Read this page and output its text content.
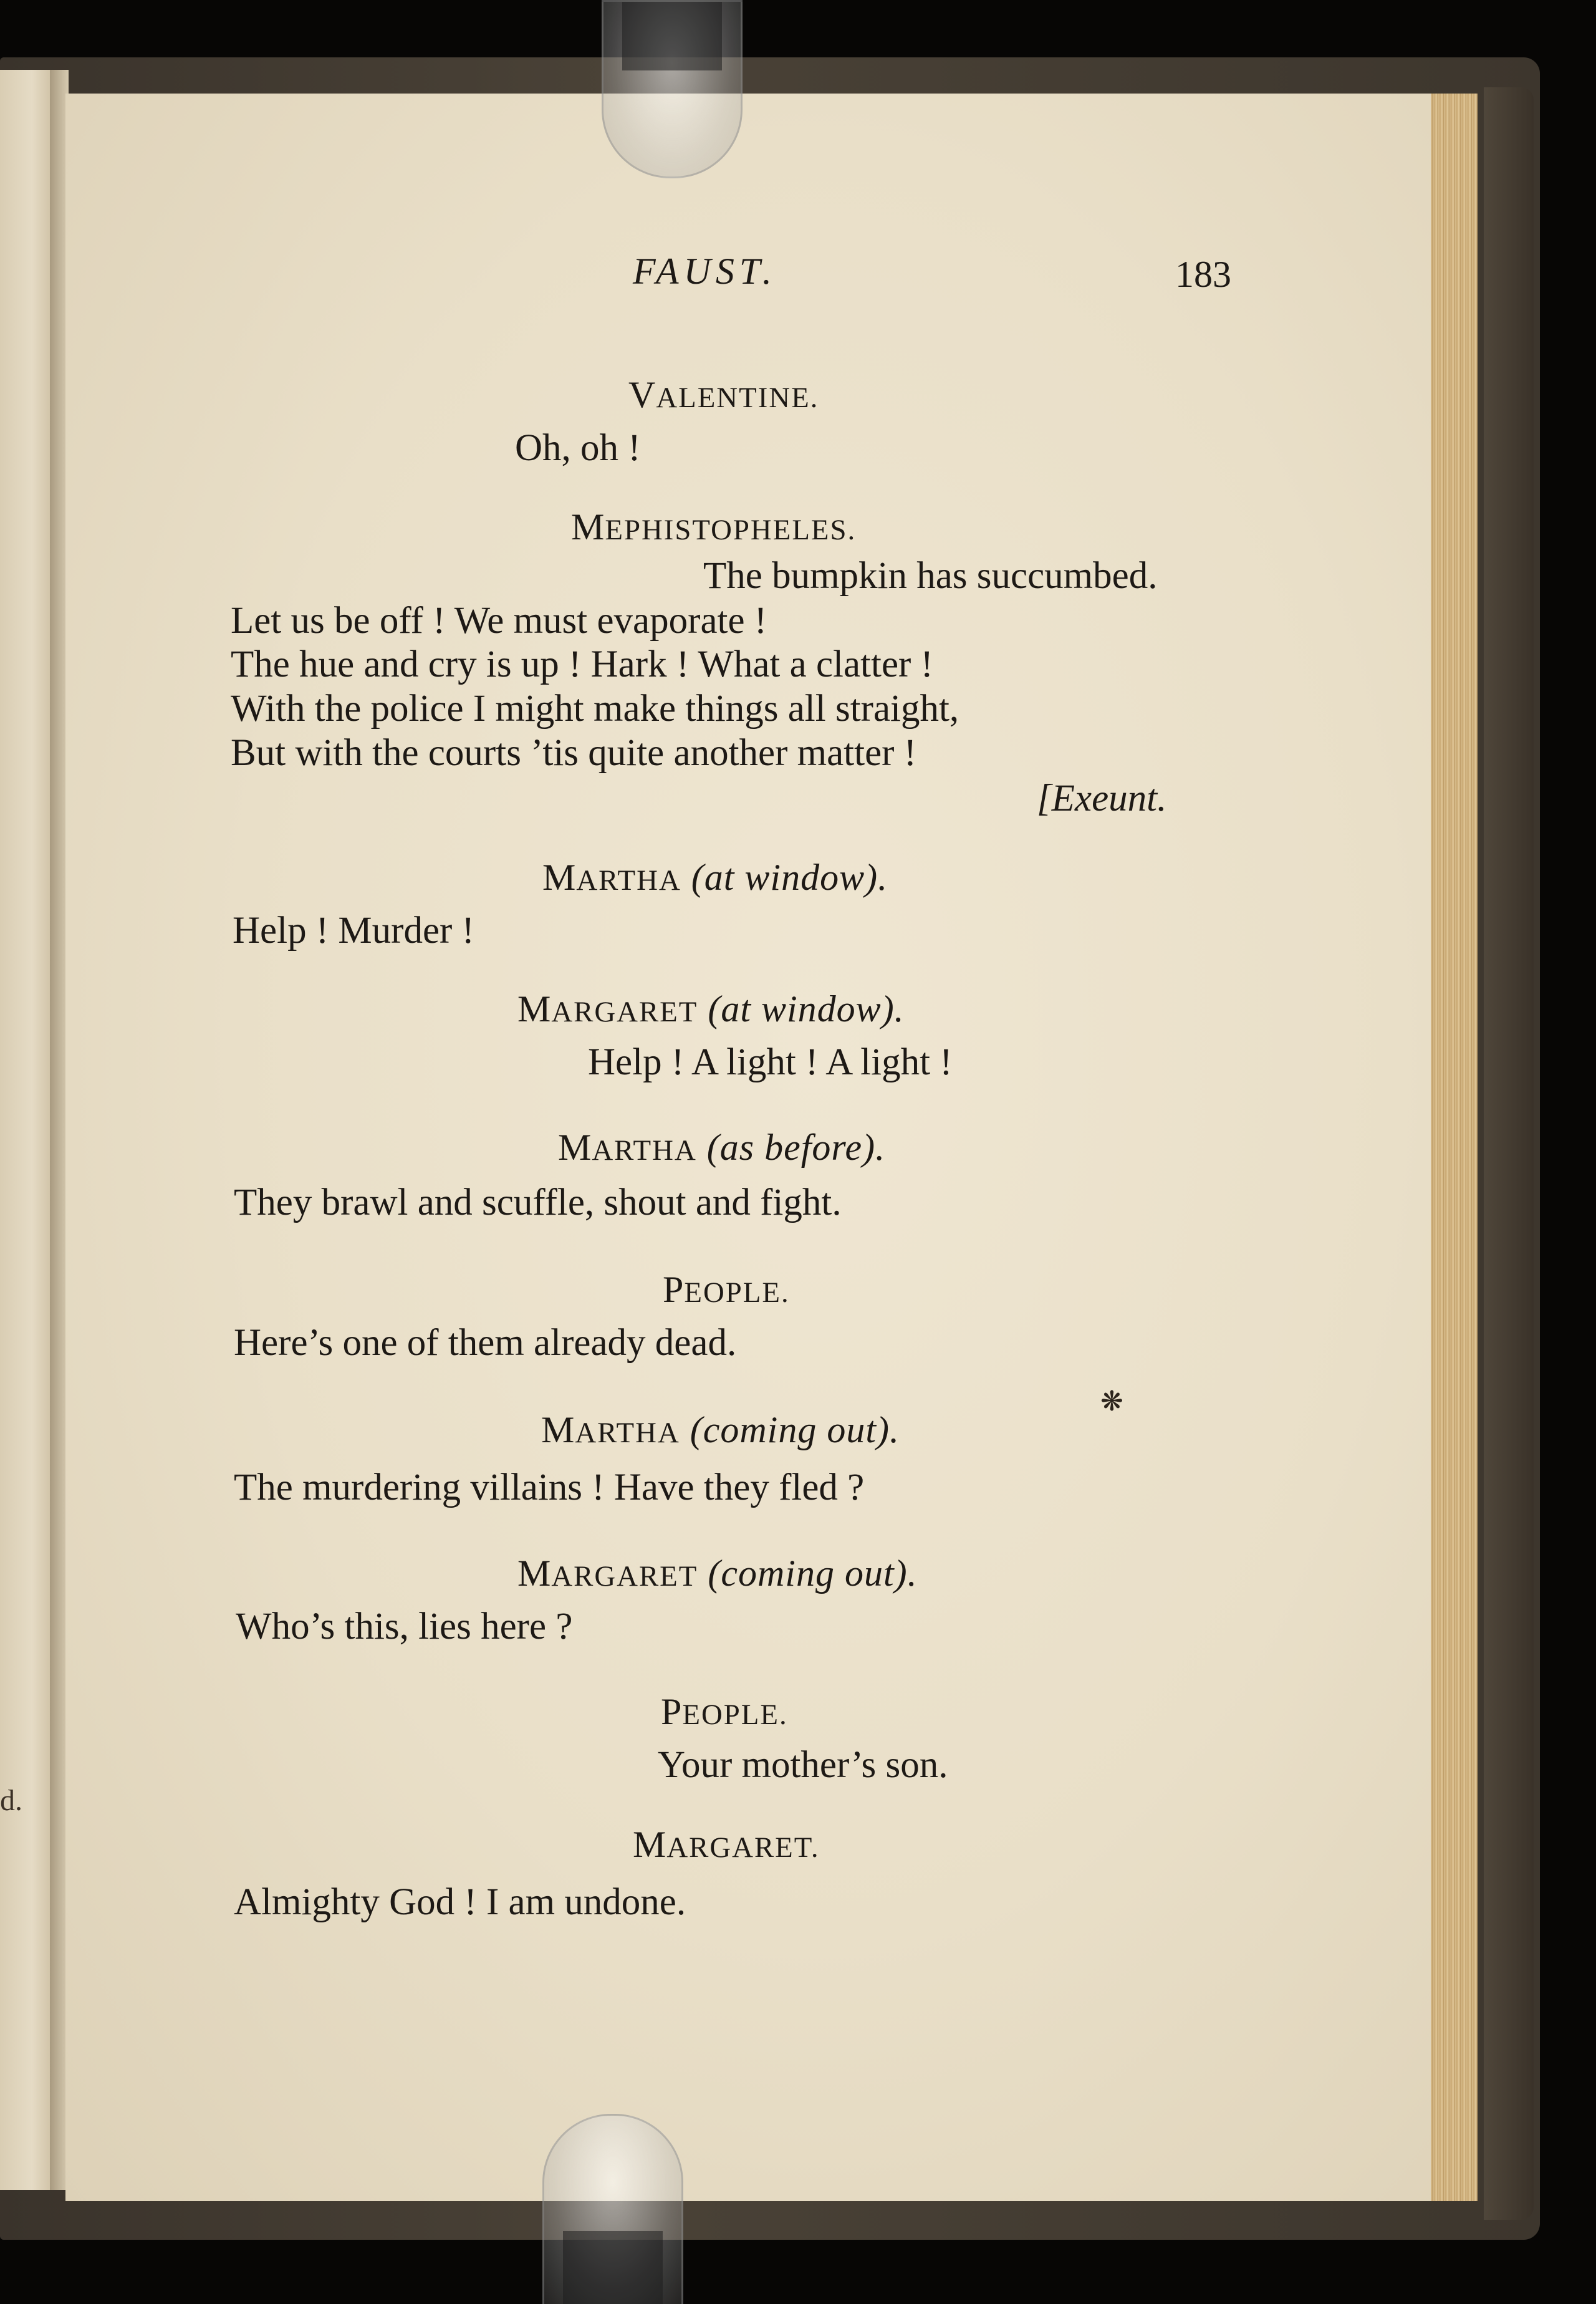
d.

FAUST.	183

VALENTINE.

Oh, oh !

MEPHISTOPHELES.

The bumpkin has succumbed.

Let us be off ! We must evaporate !

The hue and cry is up ! Hark ! What a clatter !

With the police I might make things all straight,

But with the courts ’tis quite another matter !

[Exeunt.

MARTHA (at window).

Help ! Murder !

MARGARET (at window).

Help ! A light ! A light !

MARTHA (as before).

They brawl and scuffle, shout and fight.

PEOPLE.

Here’s one of them already dead.

MARTHA (coming out).

The murdering villains ! Have they fled ?

MARGARET (coming out).

Who’s this, lies here ?

PEOPLE.

Your mother’s son.

MARGARET.

Almighty God ! I am undone.

❋
